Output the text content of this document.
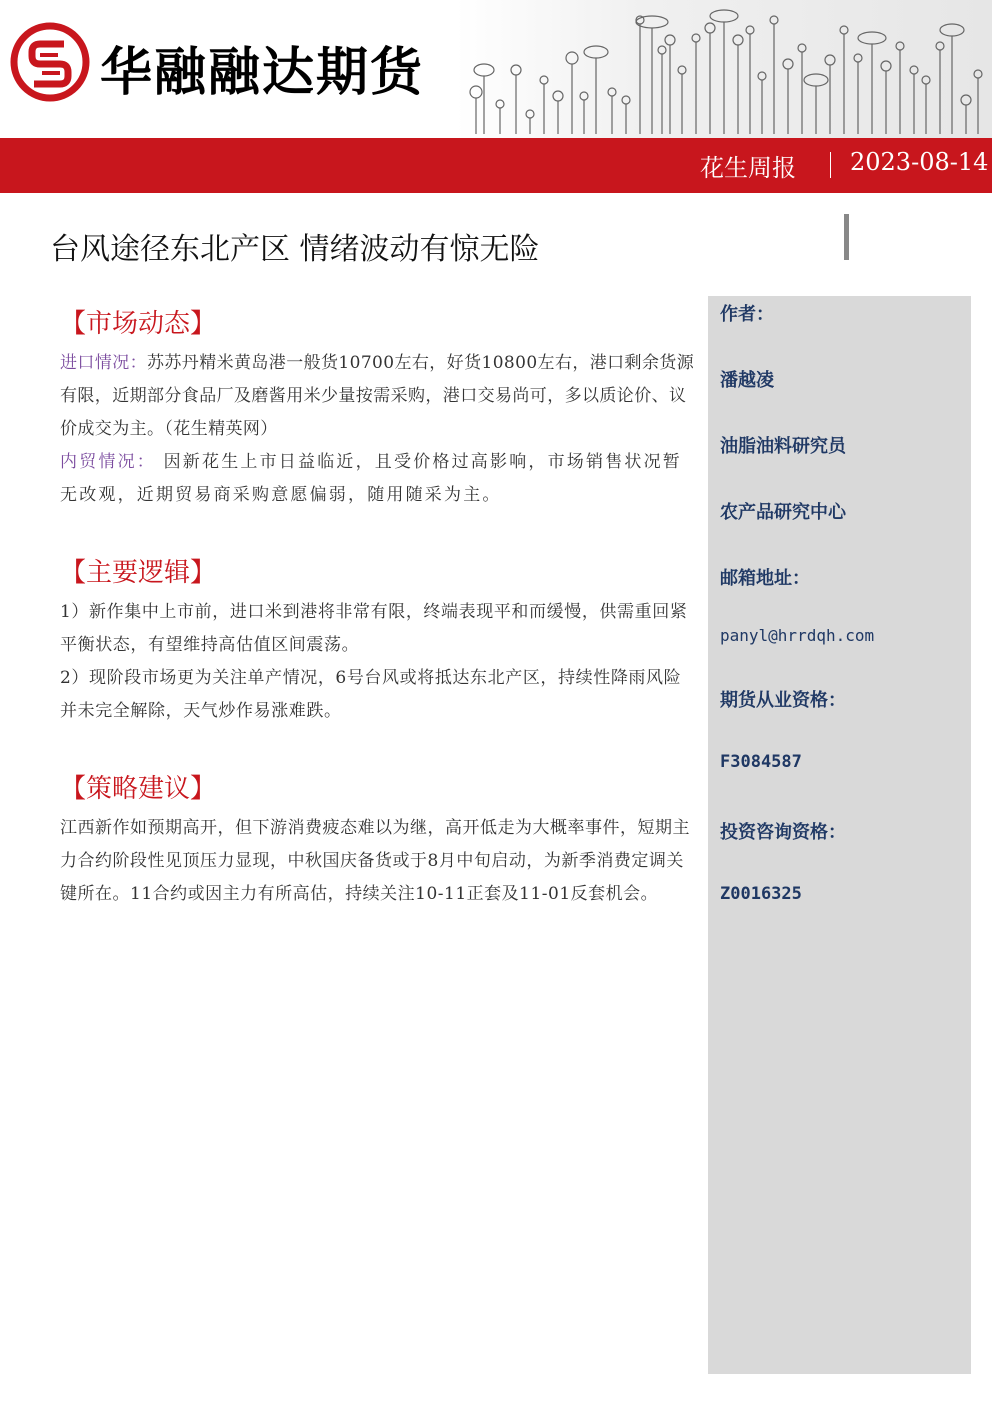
华融融达期货
花生周报 2023-08-14
台风途径东北产区 情绪波动有惊无险
【市场动态】
进口情况：苏苏丹精米黄岛港一般货10700左右，好货10800左右，港口剩余货源有限，近期部分食品厂及磨酱用米少量按需采购，港口交易尚可，多以质论价、议价成交为主。（花生精英网）
内贸情况： 因新花生上市日益临近，且受价格过高影响，市场销售状况暂无改观，近期贸易商采购意愿偏弱，随用随采为主。
【主要逻辑】
1）新作集中上市前，进口米到港将非常有限，终端表现平和而缓慢，供需重回紧平衡状态，有望维持高估值区间震荡。
2）现阶段市场更为关注单产情况，6号台风或将抵达东北产区，持续性降雨风险并未完全解除，天气炒作易涨难跌。
【策略建议】
江西新作如预期高开，但下游消费疲态难以为继，高开低走为大概率事件，短期主力合约阶段性见顶压力显现，中秋国庆备货或于8月中旬启动，为新季消费定调关键所在。11合约或因主力有所高估，持续关注10-11正套及11-01反套机会。
作者：
潘越凌
油脂油料研究员
农产品研究中心
邮箱地址：
panyl@hrrdqh.com
期货从业资格：
F3084587
投资咨询资格：
Z0016325
